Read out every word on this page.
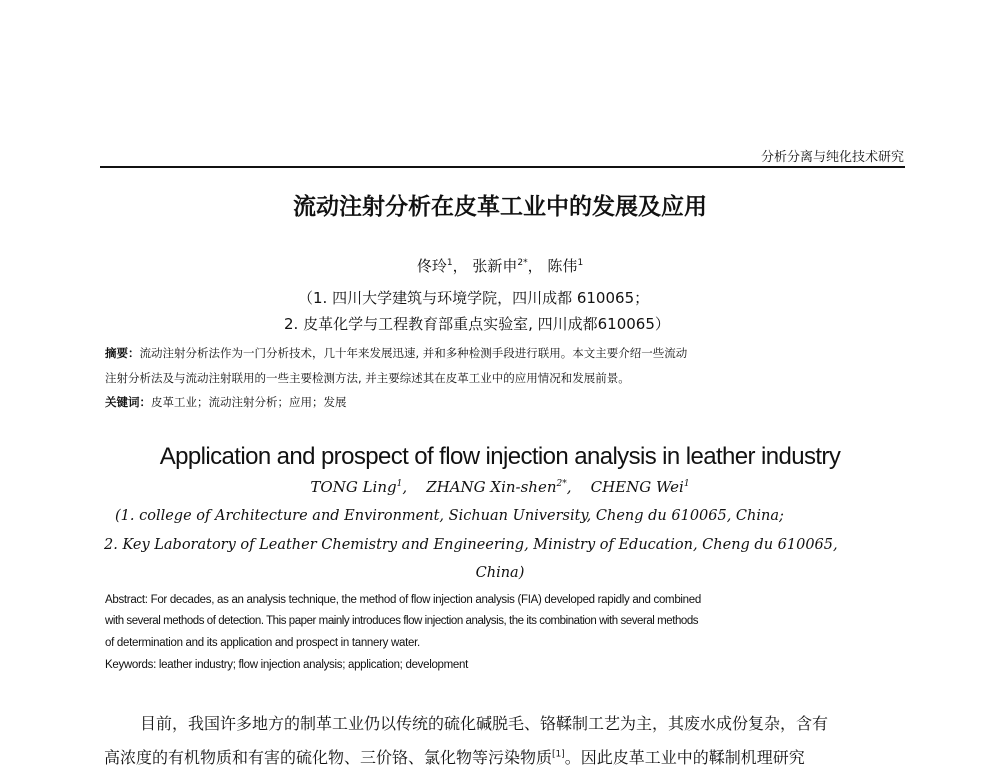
分析分离与纯化技术研究
流动注射分析在皮革工业中的发展及应用
佟玲$^1$， 张新申$^{2*}$， 陈伟$^1$
（1. 四川大学建筑与环境学院，四川成都 610065；
2. 皮革化学与工程教育部重点实验室, 四川成都610065）
摘要：流动注射分析法作为一门分析技术，几十年来发展迅速, 并和多种检测手段进行联用。本文主要介绍一些流动
注射分析法及与流动注射联用的一些主要检测方法, 并主要综述其在皮革工业中的应用情况和发展前景。
关键词：皮革工业；流动注射分析；应用；发展
Application and prospect of flow injection analysis in leather industry
TONG Ling$^1$, ZHANG Xin-shen$^{2*}$, CHENG Wei$^1$
(1. college of Architecture and Environment, Sichuan University, Cheng du 610065, China;
2. Key Laboratory of Leather Chemistry and Engineering, Ministry of Education, Cheng du 610065,
China)
Abstract: For decades, as an analysis technique, the method of flow injection analysis (FIA) developed rapidly and combined
with several methods of detection. This paper mainly introduces flow injection analysis, the its combination with several methods
of determination and its application and prospect in tannery water.
Keywords: leather industry; flow injection analysis; application; development
目前，我国许多地方的制革工业仍以传统的硫化碱脱毛、铬鞣制工艺为主，其废水成份复杂，含有
高浓度的有机物质和有害的硫化物、三价铬、氯化物等污染物质[1]。因此皮革工业中的鞣制机理研究
